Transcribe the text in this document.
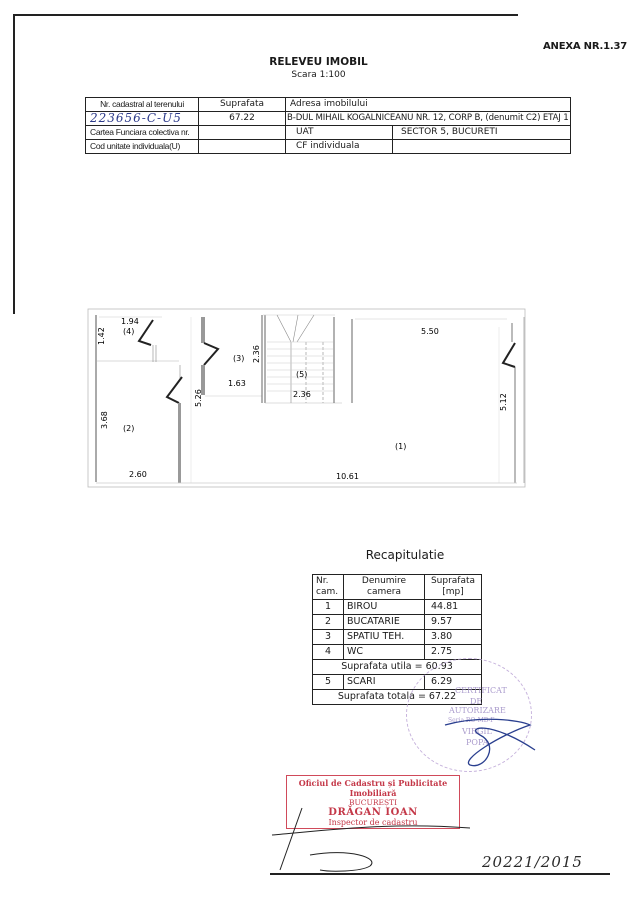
ANEXA NR.1.37
RELEVEU IMOBIL
Scara 1:100
Nr. cadastral al terenului	Suprafata	Adresa imobilului	
223656-C-U5	67.22	B-DUL MIHAIL KOGALNICEANU NR. 12, CORP B, (denumit C2) ETAJ 1	
Cartea Funciara colectiva nr.		UAT	SECTOR 5, BUCURETI
Cod unitate individuala(U)		CF individuala	
1.94
1.42 (4)
3.68 (2)
2.60
5.26
(3)
1.63
2.36
(5)
2.36
5.50
5.12
(1)
10.61
Recapitulatie
Nr. cam.	Denumire camera	Suprafata [mp]
1	BIROU	44.81
2	BUCATARIE	9.57
3	SPATIU TEH.	3.80
4	WC	2.75
Suprafata utila = 60.93		
5	SCARI	6.29
Suprafata totala = 67.22		
CERTIFICAT
DE
AUTORIZARE
Seria RO-MB-F
VIRGIL
POPA
Oficiul de Cadastru și Publicitate Imobiliară
BUCUREȘTI
DRĂGAN IOAN
Inspector de cadastru
20221/2015
